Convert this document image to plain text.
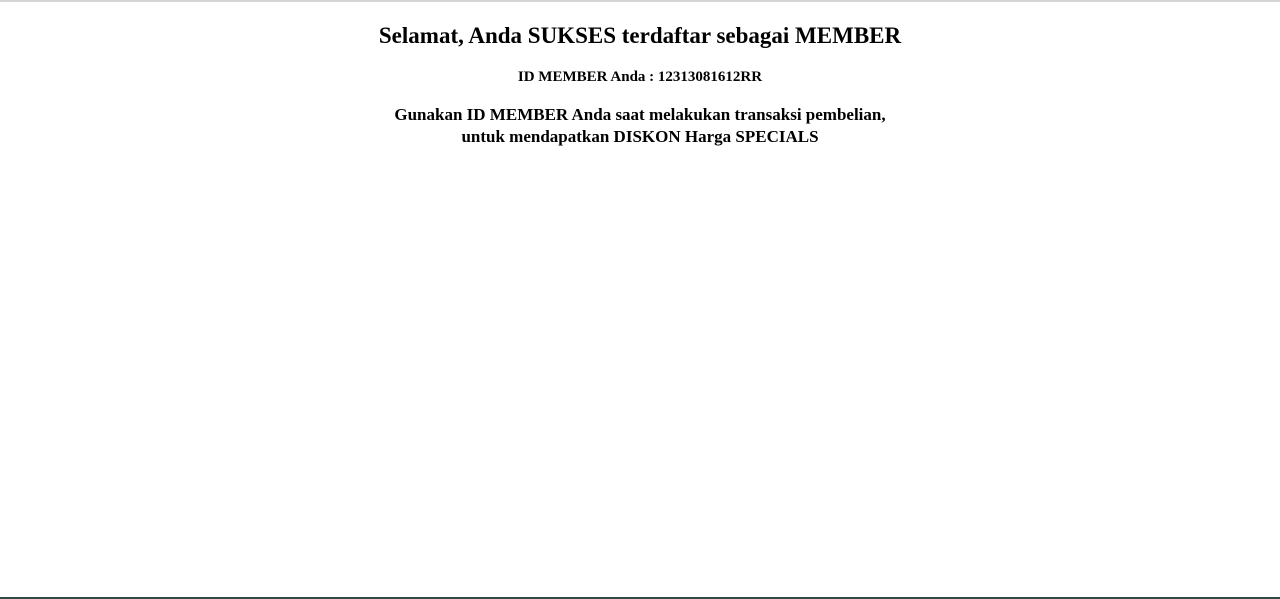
Selamat, Anda SUKSES terdaftar sebagai MEMBER

ID MEMBER Anda : 12313081612RR

Gunakan ID MEMBER Anda saat melakukan transaksi pembelian,
untuk mendapatkan DISKON Harga SPECIALS
